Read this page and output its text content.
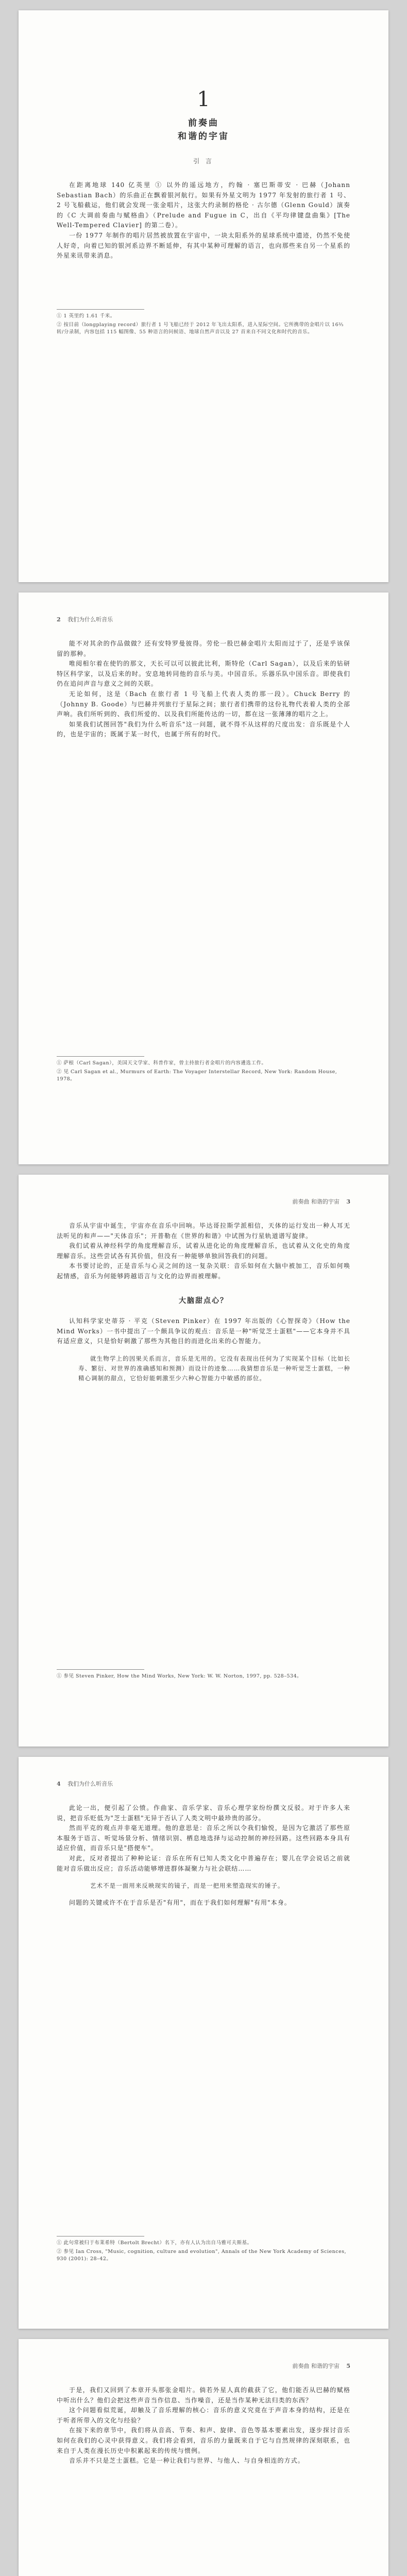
1
前奏曲
和谐的宇宙
引 言

在距离地球 140 亿英里 ① 以外的遥远地方，约翰 · 塞巴斯蒂安 · 巴赫（Johann Sebastian Bach）的乐曲正在飘着银河航行。如果有外星文明为 1977 年发射的旅行者 1 号、2 号飞船截运，他们就会发现一张金唱片，这张大约录制的格伦 · 古尔德（Glenn Gould）演奏的《C 大调前奏曲与赋格曲》（Prelude and Fugue in C，出自《平均律键盘曲集》[The Well-Tempered Clavier] 的第二卷）。

一份 1977 年制作的唱片居然被放置在宇宙中，一块太阳系外的星球系统中遗迹，仍然不免使人好奇，向着已知的银河系边界不断延伸，有其中某种可理解的语言，也向那些来自另一个星系的外星来讯带来消息。

① 1 英里约 1.61 千米。

② 按目前（longplaying record）旅行者 1 号飞船已经于 2012 年飞出太阳系，进入星际空间。它所携带的金唱片以 16⅔ 转/分录制，内容包括 115 幅图像、55 种语言的问候语、地球自然声音以及 27 首来自不同文化和时代的音乐。

2 我们为什么听音乐

能不对其余的作品做做？还有安特罗曼彼得。劳伦一股巴赫金唱片太阳而过于了，还是乎该保留的那种。

唯阅相尔着在使钓的那文，天长可以可以彼此比利，斯特伦（Carl Sagan），以及后来的钻研特区科学家，以及后来的时。安息地转同他的音乐与美。中国音乐。乐器乐队中国乐音。即使我们仍在追问声音与意义之间的关联。

无论如何，这是（Bach 在旅行者 1 号飞船上代表人类的那一段）。Chuck Berry 的（Johnny B. Goode）与巴赫并列旅行于星际之间；旅行者们携带的这份礼物代表着人类的全部声响。我们所听到的、我们所爱的、以及我们所能传达的一切，都在这一张薄薄的唱片之上。

如果我们试图回答"我们为什么听音乐"这一问题，就不得不从这样的尺度出发：音乐既是个人的，也是宇宙的；既属于某一时代，也属于所有的时代。

① 萨根（Carl Sagan），美国天文学家、科普作家，曾主持旅行者金唱片的内容遴选工作。

② 见 Carl Sagan et al., Murmurs of Earth: The Voyager Interstellar Record, New York: Random House, 1978。

前奏曲 和谐的宇宙 3

音乐从宇宙中诞生，宇宙亦在音乐中回响。毕达哥拉斯学派相信，天体的运行发出一种人耳无法听见的和声——"天体音乐"；开普勒在《世界的和谐》中试图为行星轨道谱写旋律。

我们试着从神经科学的角度理解音乐，试着从进化论的角度理解音乐，也试着从文化史的角度理解音乐。这些尝试各有其价值，但没有一种能够单独回答我们的问题。

本书要讨论的，正是音乐与心灵之间的这一复杂关联：音乐如何在大脑中被加工，音乐如何唤起情感，音乐为何能够跨越语言与文化的边界而被理解。

大脑甜点心？

认知科学家史蒂芬 · 平克（Steven Pinker）在 1997 年出版的《心智探奇》（How the Mind Works）一书中提出了一个颇具争议的观点：音乐是一种"听觉芝士蛋糕"——它本身并不具有适应意义，只是恰好刺激了那些为其他目的而进化出来的心智能力。

就生物学上的因果关系而言，音乐是无用的。它没有表现出任何为了实现某个目标（比如长寿、繁衍、对世界的准确感知和预测）而设计的迹象……我猜想音乐是一种听觉芝士蛋糕，一种精心调制的甜点，它恰好能刺激至少六种心智能力中敏感的部位。

① 参见 Steven Pinker, How the Mind Works, New York: W. W. Norton, 1997, pp. 528–534。

4 我们为什么听音乐

此论一出，便引起了公愤。作曲家、音乐学家、音乐心理学家纷纷撰文反驳。对于许多人来说，把音乐贬低为"芝士蛋糕"无异于否认了人类文明中最珍贵的部分。

然而平克的观点并非毫无道理。他的意思是：音乐之所以令我们愉悦，是因为它激活了那些原本服务于语言、听觉场景分析、情绪识别、栖息地选择与运动控制的神经回路。这些回路本身具有适应价值，而音乐只是"搭便车"。

对此，反对者提出了种种论证：音乐在所有已知人类文化中普遍存在；婴儿在学会说话之前就能对音乐做出反应；音乐活动能够增进群体凝聚力与社会联结……

艺术不是一面用来反映现实的镜子，而是一把用来塑造现实的锤子。

问题的关键或许不在于音乐是否"有用"，而在于我们如何理解"有用"本身。

① 此句常被归于布莱希特（Bertolt Brecht）名下，亦有人认为出自马雅可夫斯基。

② 参见 Ian Cross, "Music, cognition, culture and evolution", Annals of the New York Academy of Sciences, 930 (2001): 28–42。

前奏曲 和谐的宇宙 5

于是，我们又回到了本章开头那张金唱片。倘若外星人真的截获了它，他们能否从巴赫的赋格中听出什么？他们会把这些声音当作信息、当作噪音，还是当作某种无法归类的东西？

这个问题看似荒诞，却触及了音乐理解的核心：音乐的意义究竟在于声音本身的结构，还是在于听者所带入的文化与经验？

在接下来的章节中，我们将从音高、节奏、和声、旋律、音色等基本要素出发，逐步探讨音乐如何在我们的心灵中获得意义。我们将会看到，音乐的力量既来自于它与自然规律的深刻联系，也来自于人类在漫长历史中积累起来的传统与惯例。

音乐并不只是芝士蛋糕。它是一种让我们与世界、与他人、与自身相连的方式。
